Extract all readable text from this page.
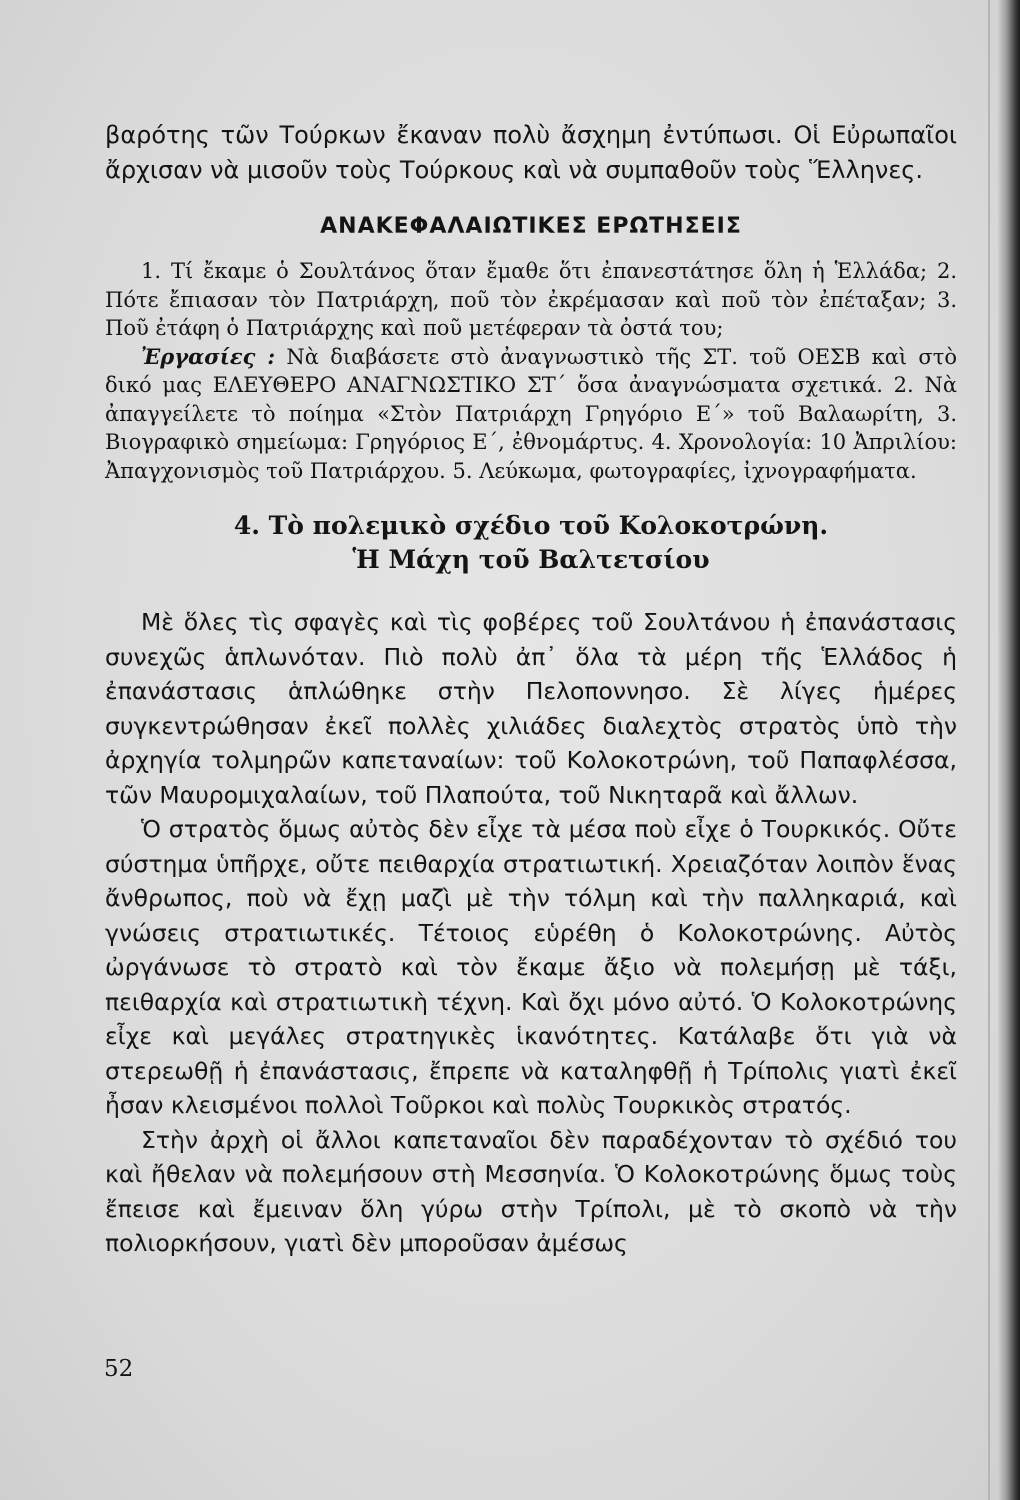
βαρότης τῶν Τούρκων ἔκαναν πολὺ ἄσχημη ἐντύπωσι. Οἱ Εὐρωπαῖοι ἄρχισαν νὰ μισοῦν τοὺς Τούρκους καὶ νὰ συμπαθοῦν τοὺς Ἕλληνες.

ΑΝΑΚΕΦΑΛΑΙΩΤΙΚΕΣ ΕΡΩΤΗΣΕΙΣ

1. Τί ἔκαμε ὁ Σουλτάνος ὅταν ἔμαθε ὅτι ἐπανεστάτησε ὅλη ἡ Ἑλλάδα; 2. Πότε ἔπιασαν τὸν Πατριάρχη, ποῦ τὸν ἐκρέμασαν καὶ ποῦ τὸν ἐπέταξαν; 3. Ποῦ ἐτάφη ὁ Πατριάρχης καὶ ποῦ μετέφεραν τὰ ὀστά του;

Ἐργασίες : Νὰ διαβάσετε στὸ ἀναγνωστικὸ τῆς ΣΤ. τοῦ ΟΕΣΒ καὶ στὸ δικό μας ΕΛΕΥΘΕΡΟ ΑΝΑΓΝΩΣΤΙΚΟ ΣΤ΄ ὅσα ἀναγνώσματα σχετικά. 2. Νὰ ἀπαγγείλετε τὸ ποίημα «Στὸν Πατριάρχη Γρηγόριο Ε΄» τοῦ Βαλαωρίτη, 3. Βιογραφικὸ σημείωμα: Γρηγόριος Ε΄, ἐθνομάρτυς. 4. Χρονολογία: 10 Ἀπριλίου: Ἀπαγχονισμὸς τοῦ Πατριάρχου. 5. Λεύκωμα, φωτογραφίες, ἰχνογραφήματα.

4. Τὸ πολεμικὸ σχέδιο τοῦ Κολοκοτρώνη.
Ἡ Μάχη τοῦ Βαλτετσίου

Μὲ ὅλες τὶς σφαγὲς καὶ τὶς φοβέρες τοῦ Σουλτάνου ἡ ἐπανάστασις συνεχῶς ἁπλωνόταν. Πιὸ πολὺ ἀπ᾽ ὅλα τὰ μέρη τῆς Ἑλλάδος ἡ ἐπανάστασις ἁπλώθηκε στὴν Πελοποννησο. Σὲ λίγες ἡμέρες συγκεντρώθησαν ἐκεῖ πολλὲς χιλιάδες διαλεχτὸς στρατὸς ὑπὸ τὴν ἀρχηγία τολμηρῶν καπεταναίων: τοῦ Κολοκοτρώνη, τοῦ Παπαφλέσσα, τῶν Μαυρομιχαλαίων, τοῦ Πλαπούτα, τοῦ Νικηταρᾶ καὶ ἄλλων.

Ὁ στρατὸς ὅμως αὐτὸς δὲν εἶχε τὰ μέσα ποὺ εἶχε ὁ Τουρκικός. Οὔτε σύστημα ὑπῆρχε, οὔτε πειθαρχία στρατιωτική. Χρειαζόταν λοιπὸν ἕνας ἄνθρωπος, ποὺ νὰ ἔχῃ μαζὶ μὲ τὴν τόλμη καὶ τὴν παλληκαριά, καὶ γνώσεις στρατιωτικές. Τέτοιος εὑρέθη ὁ Κολοκοτρώνης. Αὐτὸς ὠργάνωσε τὸ στρατὸ καὶ τὸν ἔκαμε ἄξιο νὰ πολεμήσῃ μὲ τάξι, πειθαρχία καὶ στρατιωτικὴ τέχνη. Καὶ ὄχι μόνο αὐτό. Ὁ Κολοκοτρώνης εἶχε καὶ μεγάλες στρατηγικὲς ἱκανότητες. Κατάλαβε ὅτι γιὰ νὰ στερεωθῇ ἡ ἐπανάστασις, ἔπρεπε νὰ καταληφθῇ ἡ Τρίπολις γιατὶ ἐκεῖ ἦσαν κλεισμένοι πολλοὶ Τοῦρκοι καὶ πολὺς Τουρκικὸς στρατός.

Στὴν ἀρχὴ οἱ ἄλλοι καπεταναῖοι δὲν παραδέχονταν τὸ σχέδιό του καὶ ἤθελαν νὰ πολεμήσουν στὴ Μεσσηνία. Ὁ Κολοκοτρώνης ὅμως τοὺς ἔπεισε καὶ ἔμειναν ὅλη γύρω στὴν Τρίπολι, μὲ τὸ σκοπὸ νὰ τὴν πολιορκήσουν, γιατὶ δὲν μποροῦσαν ἀμέσως

52
